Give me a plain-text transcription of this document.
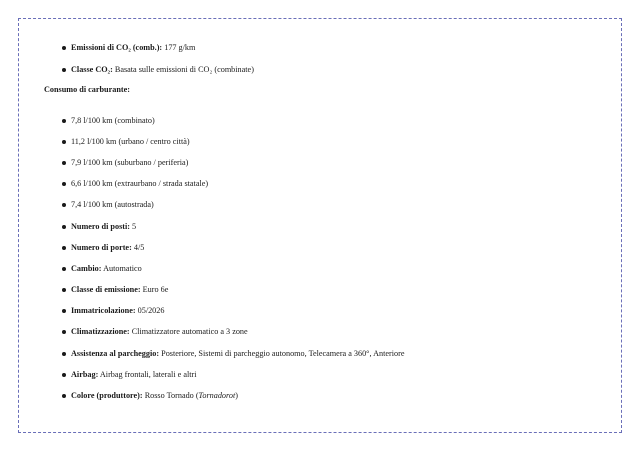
Emissioni di CO₂ (comb.): 177 g/km
Classe CO₂: Basata sulle emissioni di CO₂ (combinate)
Consumo di carburante:
7,8 l/100 km (combinato)
11,2 l/100 km (urbano / centro città)
7,9 l/100 km (suburbano / periferia)
6,6 l/100 km (extraurbano / strada statale)
7,4 l/100 km (autostrada)
Numero di posti: 5
Numero di porte: 4/5
Cambio: Automatico
Classe di emissione: Euro 6e
Immatricolazione: 05/2026
Climatizzazione: Climatizzatore automatico a 3 zone
Assistenza al parcheggio: Posteriore, Sistemi di parcheggio autonomo, Telecamera a 360°, Anteriore
Airbag: Airbag frontali, laterali e altri
Colore (produttore): Rosso Tornado (Tornadorot)
